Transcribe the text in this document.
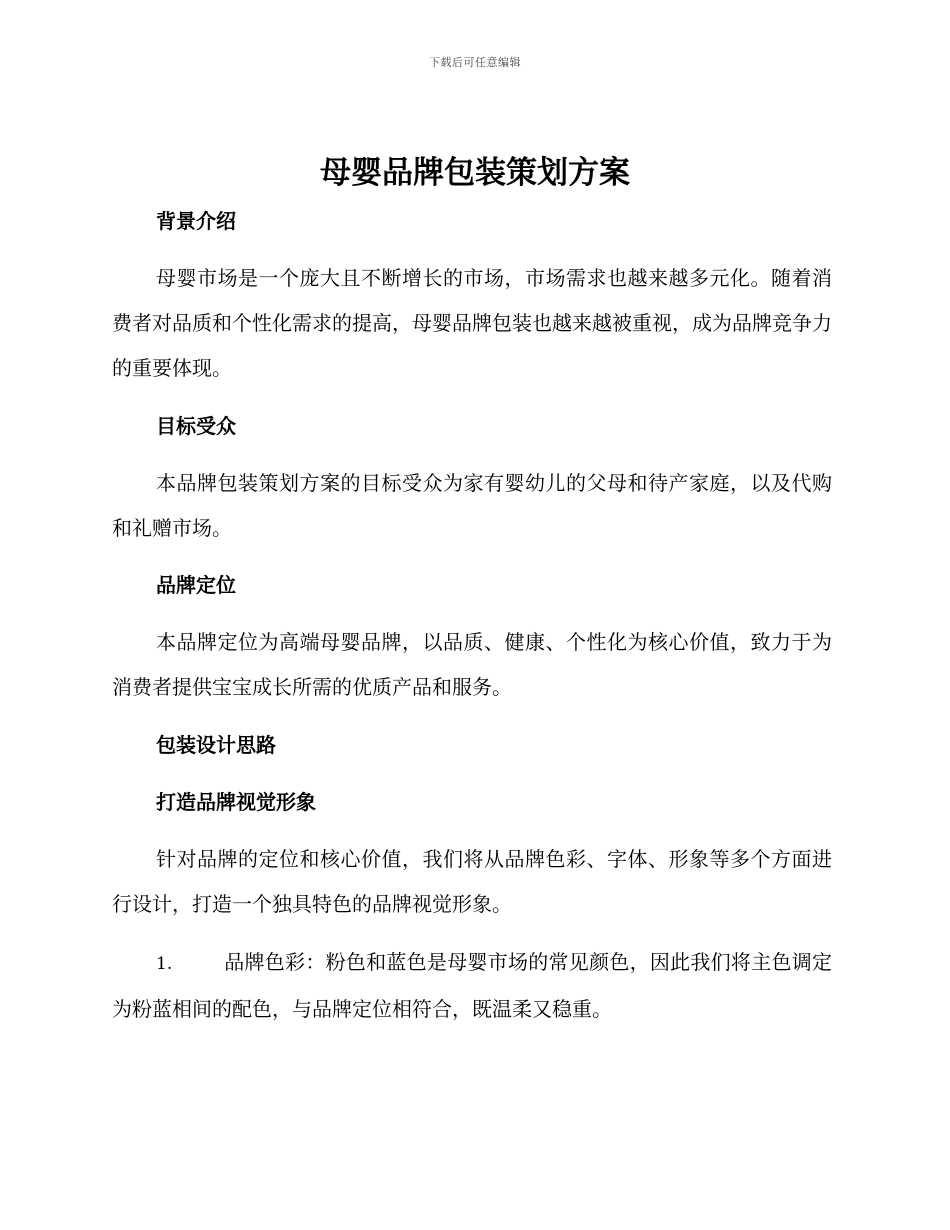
下载后可任意编辑
母婴品牌包装策划方案
背景介绍

母婴市场是一个庞大且不断增长的市场，市场需求也越来越多元化。随着消费者对品质和个性化需求的提高，母婴品牌包装也越来越被重视，成为品牌竞争力的重要体现。

目标受众

本品牌包装策划方案的目标受众为家有婴幼儿的父母和待产家庭，以及代购和礼赠市场。

品牌定位

本品牌定位为高端母婴品牌，以品质、健康、个性化为核心价值，致力于为消费者提供宝宝成长所需的优质产品和服务。

包装设计思路
打造品牌视觉形象

针对品牌的定位和核心价值，我们将从品牌色彩、字体、形象等多个方面进行设计，打造一个独具特色的品牌视觉形象。

1.	品牌色彩：粉色和蓝色是母婴市场的常见颜色，因此我们将主色调定为粉蓝相间的配色，与品牌定位相符合，既温柔又稳重。
